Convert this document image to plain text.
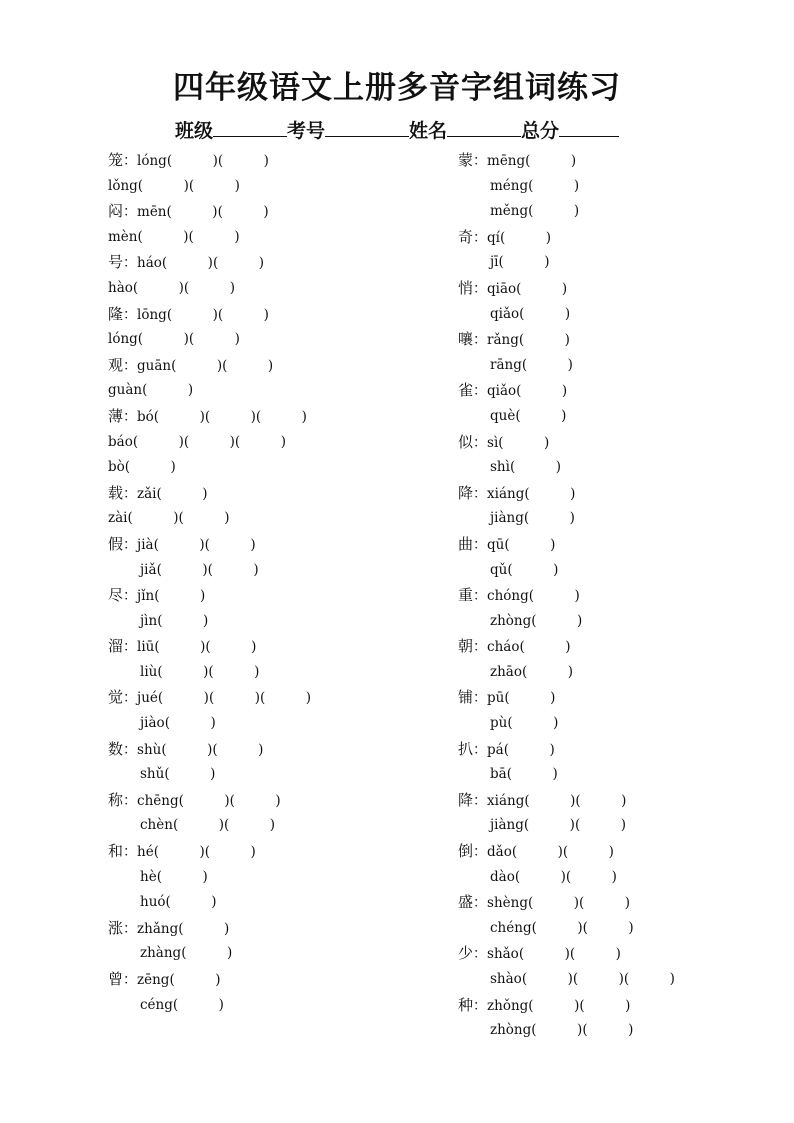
四年级语文上册多音字组词练习
班级	考号	姓名	总分
笼：lóng(　　　)(　　　)
lǒng(　　　)(　　　)
闷：mēn(　　　)(　　　)
mèn(　　　)(　　　)
号：háo(　　　)(　　　)
hào(　　　)(　　　)
隆：lōng(　　　)(　　　)
lóng(　　　)(　　　)
观：guān(　　　)(　　　)
guàn(　　　)
薄：bó(　　　)(　　　)(　　　)
báo(　　　)(　　　)(　　　)
bò(　　　)
载：zǎi(　　　)
zài(　　　)(　　　)
假：jià(　　　)(　　　)
jiǎ(　　　)(　　　)
尽：jǐn(　　　)
jìn(　　　)
溜：liū(　　　)(　　　)
liù(　　　)(　　　)
觉：jué(　　　)(　　　)(　　　)
jiào(　　　)
数：shù(　　　)(　　　)
shǔ(　　　)
称：chēng(　　　)(　　　)
chèn(　　　)(　　　)
和：hé(　　　)(　　　)
hè(　　　)
huó(　　　)
涨：zhǎng(　　　)
zhàng(　　　)
曾：zēng(　　　)
céng(　　　)
蒙：mēng(　　　)
méng(　　　)
měng(　　　)
奇：qí(　　　)
jī(　　　)
悄：qiāo(　　　)
qiǎo(　　　)
嚷：rǎng(　　　)
rāng(　　　)
雀：qiǎo(　　　)
què(　　　)
似：sì(　　　)
shì(　　　)
降：xiáng(　　　)
jiàng(　　　)
曲：qū(　　　)
qǔ(　　　)
重：chóng(　　　)
zhòng(　　　)
朝：cháo(　　　)
zhāo(　　　)
铺：pū(　　　)
pù(　　　)
扒：pá(　　　)
bā(　　　)
降：xiáng(　　　)(　　　)
jiàng(　　　)(　　　)
倒：dǎo(　　　)(　　　)
dào(　　　)(　　　)
盛：shèng(　　　)(　　　)
chéng(　　　)(　　　)
少：shǎo(　　　)(　　　)
shào(　　　)(　　　)(　　　)
种：zhǒng(　　　)(　　　)
zhòng(　　　)(　　　)
